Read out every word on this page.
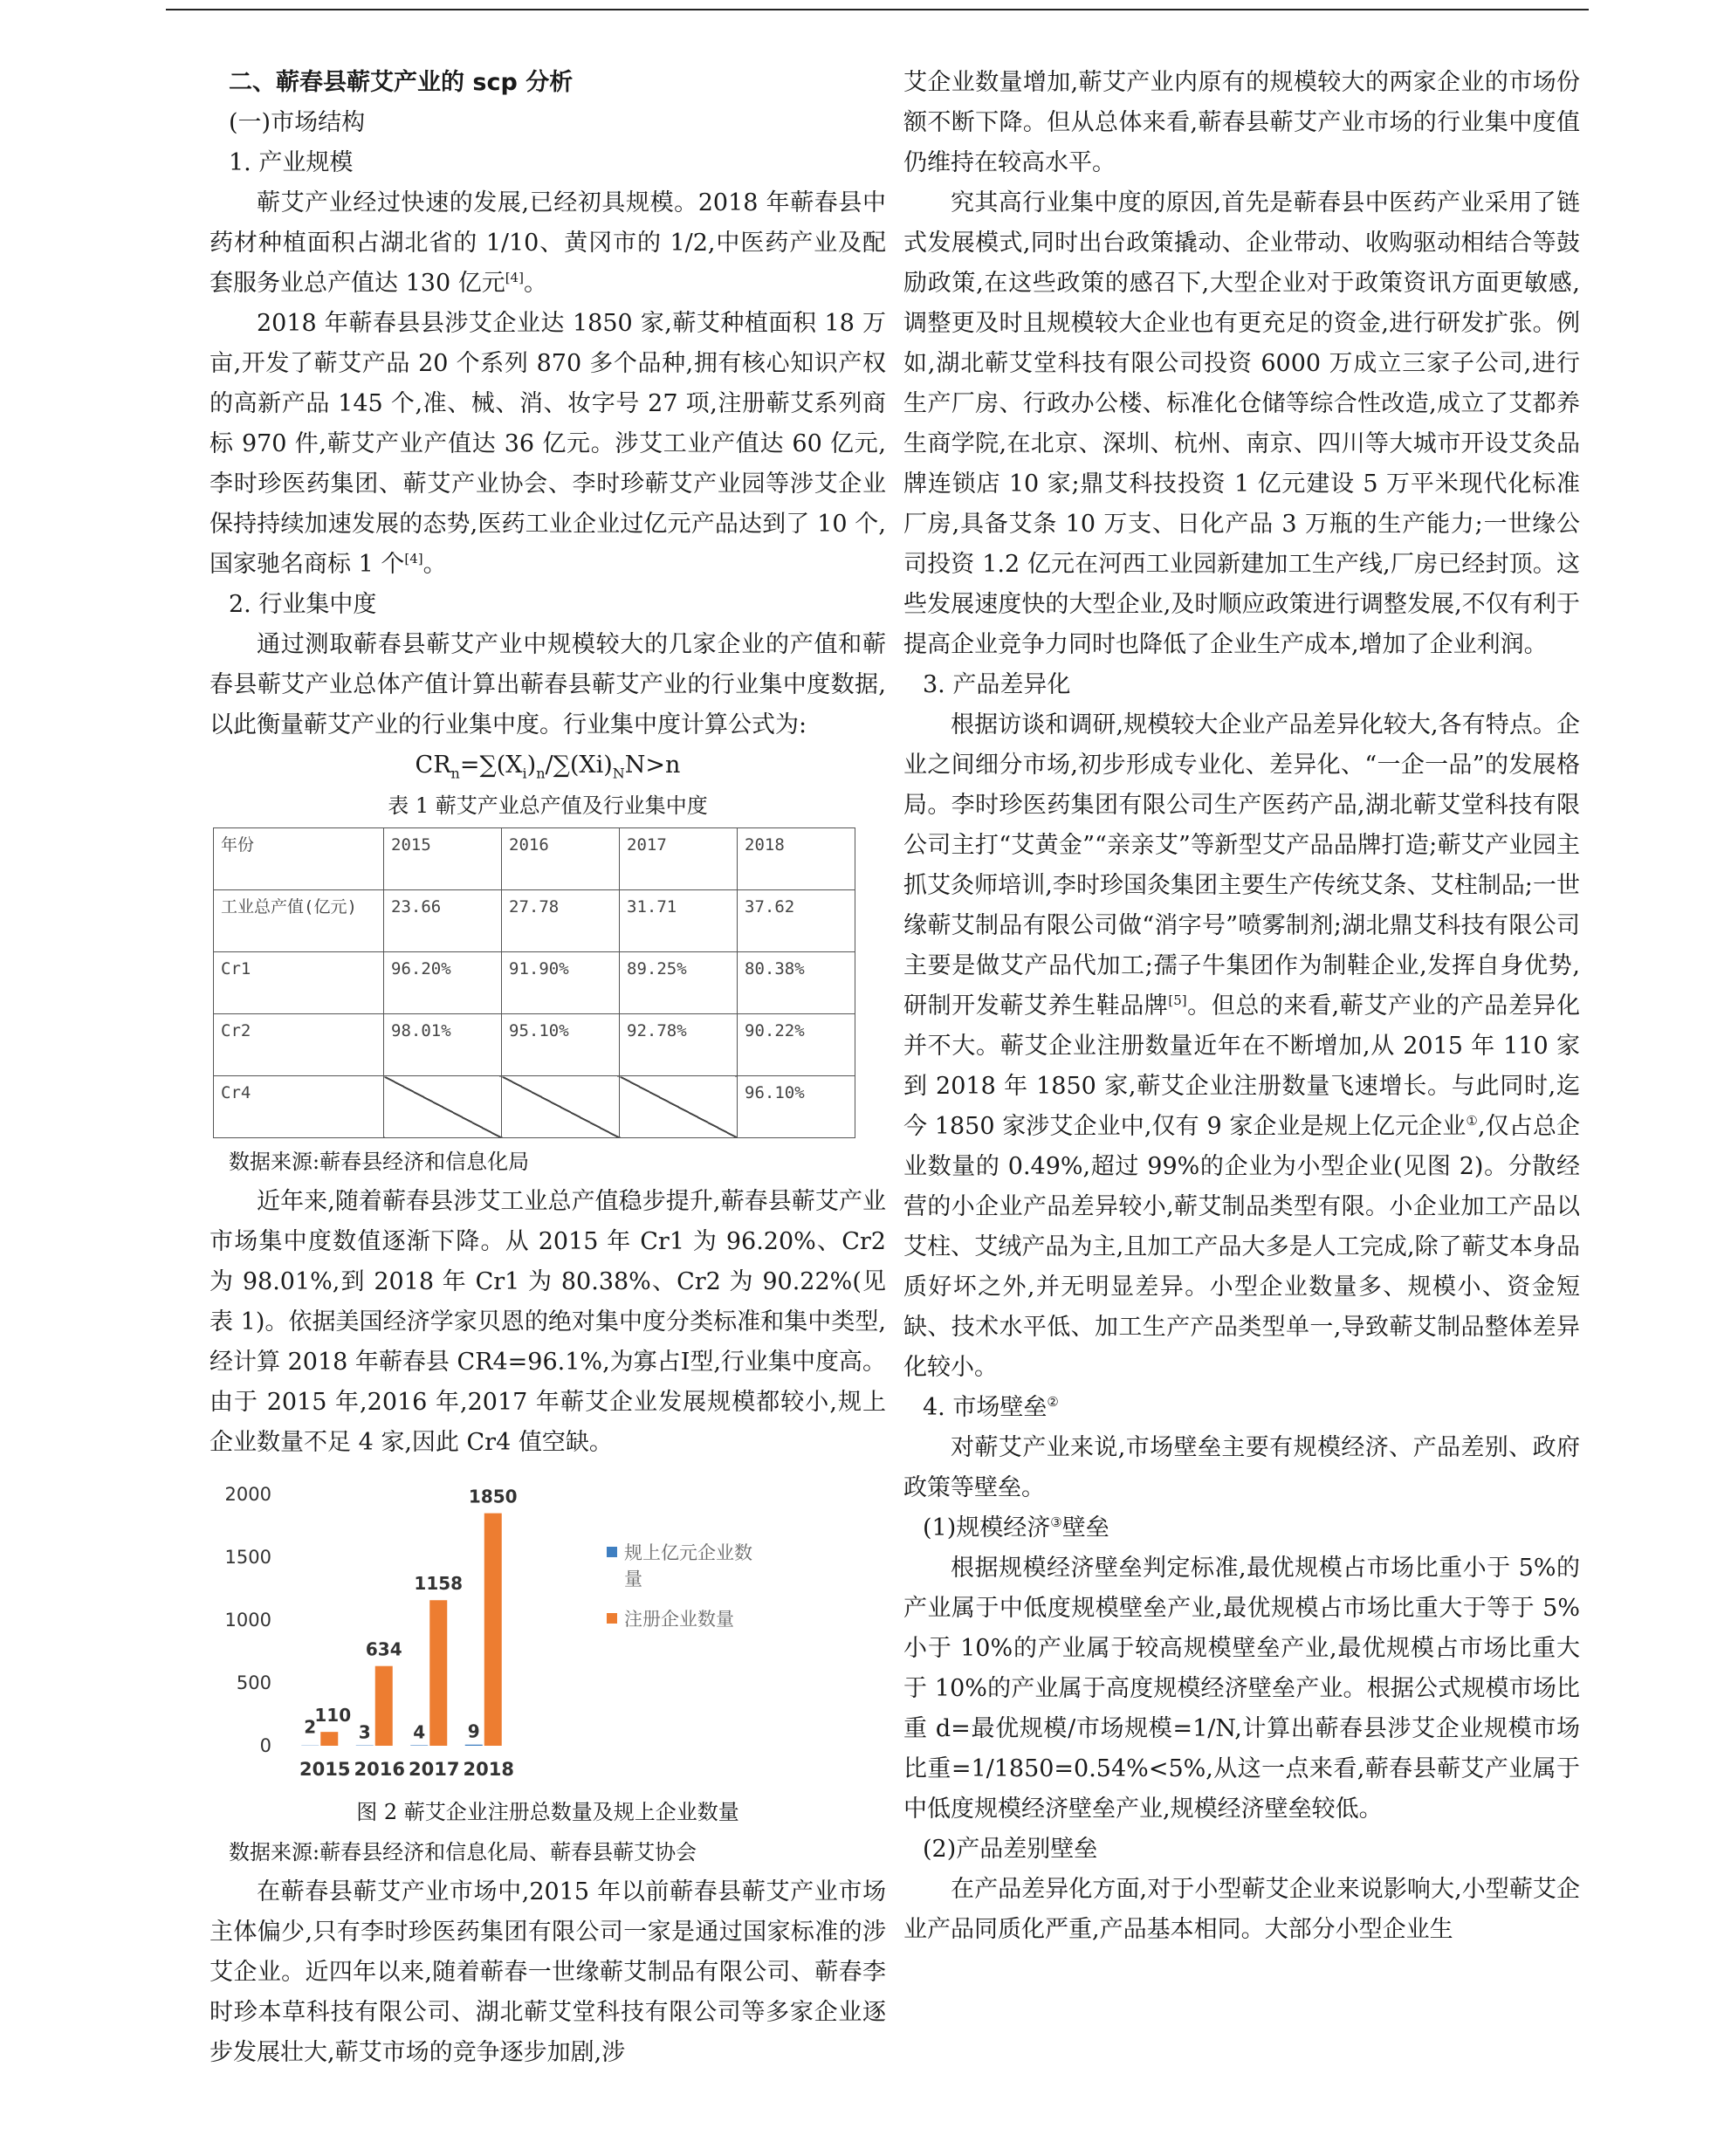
二、蕲春县蕲艾产业的 scp 分析

(一)市场结构

1. 产业规模

蕲艾产业经过快速的发展,已经初具规模。2018 年蕲春县中药材种植面积占湖北省的 1/10、黄冈市的 1/2,中医药产业及配套服务业总产值达 130 亿元[4]。

2018 年蕲春县县涉艾企业达 1850 家,蕲艾种植面积 18 万亩,开发了蕲艾产品 20 个系列 870 多个品种,拥有核心知识产权的高新产品 145 个,准、械、消、妆字号 27 项,注册蕲艾系列商标 970 件,蕲艾产业产值达 36 亿元。涉艾工业产值达 60 亿元,李时珍医药集团、蕲艾产业协会、李时珍蕲艾产业园等涉艾企业保持持续加速发展的态势,医药工业企业过亿元产品达到了 10 个,国家驰名商标 1 个[4]。

2. 行业集中度

通过测取蕲春县蕲艾产业中规模较大的几家企业的产值和蕲春县蕲艾产业总体产值计算出蕲春县蕲艾产业的行业集中度数据,以此衡量蕲艾产业的行业集中度。行业集中度计算公式为:

$CR_n=\sum(X_i)_n/\sum(Xi)_NN>n$

表 1 蕲艾产业总产值及行业集中度

年份	2015	2016	2017	2018
工业总产值(亿元)	23.66	27.78	31.71	37.62
Cr1	96.20%	91.90%	89.25%	80.38%
Cr2	98.01%	95.10%	92.78%	90.22%
Cr4				96.10%

数据来源:蕲春县经济和信息化局

近年来,随着蕲春县涉艾工业总产值稳步提升,蕲春县蕲艾产业市场集中度数值逐渐下降。从 2015 年 Cr1 为 96.20%、Cr2 为 98.01%,到 2018 年 Cr1 为 80.38%、Cr2 为 90.22%(见表 1)。依据美国经济学家贝恩的绝对集中度分类标准和集中类型,经计算 2018 年蕲春县 CR4=96.1%,为寡占Ⅰ型,行业集中度高。由于 2015 年,2016 年,2017 年蕲艾企业发展规模都较小,规上企业数量不足 4 家,因此 Cr4 值空缺。

0
500
1000
1500
2000
2015
2
110
2016
3
634
2017
4
1158
2018
9
1850
规上亿元企业数
量
注册企业数量

图 2 蕲艾企业注册总数量及规上企业数量

数据来源:蕲春县经济和信息化局、蕲春县蕲艾协会

在蕲春县蕲艾产业市场中,2015 年以前蕲春县蕲艾产业市场主体偏少,只有李时珍医药集团有限公司一家是通过国家标准的涉艾企业。近四年以来,随着蕲春一世缘蕲艾制品有限公司、蕲春李时珍本草科技有限公司、湖北蕲艾堂科技有限公司等多家企业逐步发展壮大,蕲艾市场的竞争逐步加剧,涉

艾企业数量增加,蕲艾产业内原有的规模较大的两家企业的市场份额不断下降。但从总体来看,蕲春县蕲艾产业市场的行业集中度值仍维持在较高水平。

究其高行业集中度的原因,首先是蕲春县中医药产业采用了链式发展模式,同时出台政策撬动、企业带动、收购驱动相结合等鼓励政策,在这些政策的感召下,大型企业对于政策资讯方面更敏感,调整更及时且规模较大企业也有更充足的资金,进行研发扩张。例如,湖北蕲艾堂科技有限公司投资 6000 万成立三家子公司,进行生产厂房、行政办公楼、标准化仓储等综合性改造,成立了艾都养生商学院,在北京、深圳、杭州、南京、四川等大城市开设艾灸品牌连锁店 10 家;鼎艾科技投资 1 亿元建设 5 万平米现代化标准厂房,具备艾条 10 万支、日化产品 3 万瓶的生产能力;一世缘公司投资 1.2 亿元在河西工业园新建加工生产线,厂房已经封顶。这些发展速度快的大型企业,及时顺应政策进行调整发展,不仅有利于提高企业竞争力同时也降低了企业生产成本,增加了企业利润。

3. 产品差异化

根据访谈和调研,规模较大企业产品差异化较大,各有特点。企业之间细分市场,初步形成专业化、差异化、“一企一品”的发展格局。李时珍医药集团有限公司生产医药产品,湖北蕲艾堂科技有限公司主打“艾黄金”“亲亲艾”等新型艾产品品牌打造;蕲艾产业园主抓艾灸师培训,李时珍国灸集团主要生产传统艾条、艾柱制品;一世缘蕲艾制品有限公司做“消字号”喷雾制剂;湖北鼎艾科技有限公司主要是做艾产品代加工;孺子牛集团作为制鞋企业,发挥自身优势,研制开发蕲艾养生鞋品牌[5]。但总的来看,蕲艾产业的产品差异化并不大。蕲艾企业注册数量近年在不断增加,从 2015 年 110 家到 2018 年 1850 家,蕲艾企业注册数量飞速增长。与此同时,迄今 1850 家涉艾企业中,仅有 9 家企业是规上亿元企业①,仅占总企业数量的 0.49%,超过 99%的企业为小型企业(见图 2)。分散经营的小企业产品差异较小,蕲艾制品类型有限。小企业加工产品以艾柱、艾绒产品为主,且加工产品大多是人工完成,除了蕲艾本身品质好坏之外,并无明显差异。小型企业数量多、规模小、资金短缺、技术水平低、加工生产产品类型单一,导致蕲艾制品整体差异化较小。

4. 市场壁垒②

对蕲艾产业来说,市场壁垒主要有规模经济、产品差别、政府政策等壁垒。

(1)规模经济③壁垒

根据规模经济壁垒判定标准,最优规模占市场比重小于 5%的产业属于中低度规模壁垒产业,最优规模占市场比重大于等于 5%小于 10%的产业属于较高规模壁垒产业,最优规模占市场比重大于 10%的产业属于高度规模经济壁垒产业。根据公式规模市场比重 d=最优规模/市场规模=1/N,计算出蕲春县涉艾企业规模市场比重=1/1850=0.54%<5%,从这一点来看,蕲春县蕲艾产业属于中低度规模经济壁垒产业,规模经济壁垒较低。

(2)产品差别壁垒

在产品差异化方面,对于小型蕲艾企业来说影响大,小型蕲艾企业产品同质化严重,产品基本相同。大部分小型企业生
